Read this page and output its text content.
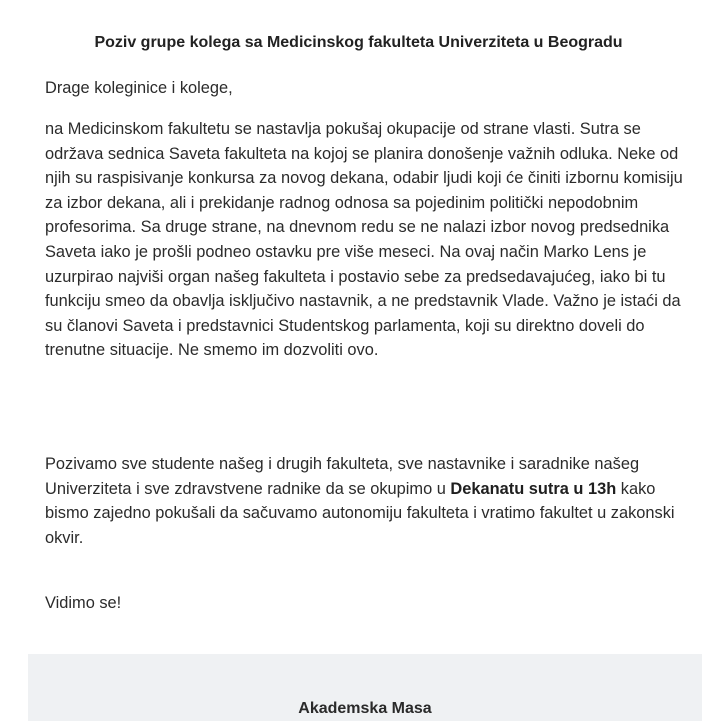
Poziv grupe kolega sa Medicinskog fakulteta Univerziteta u Beogradu

Drage koleginice i kolege,

na Medicinskom fakultetu se nastavlja pokušaj okupacije od strane vlasti. Sutra se održava sednica Saveta fakulteta na kojoj se planira donošenje važnih odluka. Neke od njih su raspisivanje konkursa za novog dekana, odabir ljudi koji će činiti izbornu komisiju za izbor dekana, ali i prekidanje radnog odnosa sa pojedinim politički nepodobnim profesorima. Sa druge strane, na dnevnom redu se ne nalazi izbor novog predsednika Saveta iako je prošli podneo ostavku pre više meseci. Na ovaj način Marko Lens je uzurpirao najviši organ našeg fakulteta i postavio sebe za predsedavajućeg, iako bi tu funkciju smeo da obavlja isključivo nastavnik, a ne predstavnik Vlade. Važno je istaći da su članovi Saveta i predstavnici Studentskog parlamenta, koji su direktno doveli do trenutne situacije. Ne smemo im dozvoliti ovo.

Pozivamo sve studente našeg i drugih fakulteta, sve nastavnike i saradnike našeg Univerziteta i sve zdravstvene radnike da se okupimo u Dekanatu sutra u 13h kako bismo zajedno pokušali da sačuvamo autonomiju fakulteta i vratimo fakultet u zakonski okvir.

Vidimo se!

Akademska Masa
